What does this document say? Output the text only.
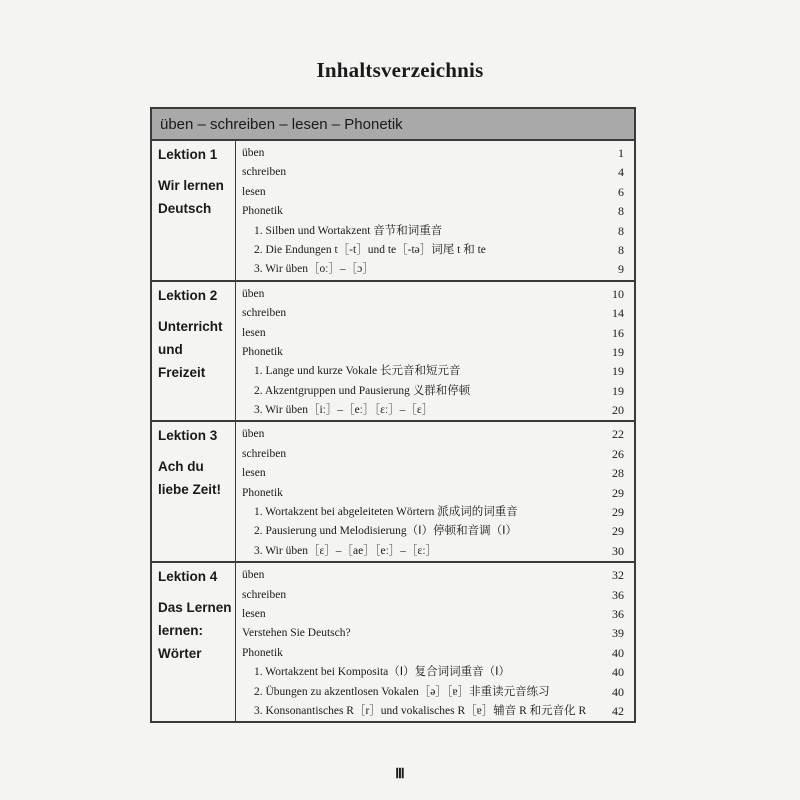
Inhaltsverzeichnis
üben – schreiben – lesen – Phonetik
Lektion 1
Wir lernen
Deutsch
üben	1
schreiben	4
lesen	6
Phonetik	8
1. Silben und Wortakzent 音节和词重音	8
2. Die Endungen t［-t］und te［-tə］词尾 t 和 te	8
3. Wir üben［oː］–［ɔ］	9
Lektion 2
Unterricht
und
Freizeit
üben	10
schreiben	14
lesen	16
Phonetik	19
1. Lange und kurze Vokale 长元音和短元音	19
2. Akzentgruppen und Pausierung 义群和停顿	19
3. Wir üben［iː］–［eː］［ɛː］–［ɛ］	20
Lektion 3
Ach du
liebe Zeit!
üben	22
schreiben	26
lesen	28
Phonetik	29
1. Wortakzent bei abgeleiteten Wörtern 派成词的词重音	29
2. Pausierung und Melodisierung（Ⅰ）停顿和音调（Ⅰ）	29
3. Wir üben［ɛ］–［ae］［eː］–［ɛː］	30
Lektion 4
Das Lernen
lernen:
Wörter
üben	32
schreiben	36
lesen	36
Verstehen Sie Deutsch?	39
Phonetik	40
1. Wortakzent bei Komposita（Ⅰ）复合词词重音（Ⅰ）	40
2. Übungen zu akzentlosen Vokalen［ə］［ɐ］非重读元音练习	40
3. Konsonantisches R［r］und vokalisches R［ɐ］辅音 R 和元音化 R 42
Ⅲ
